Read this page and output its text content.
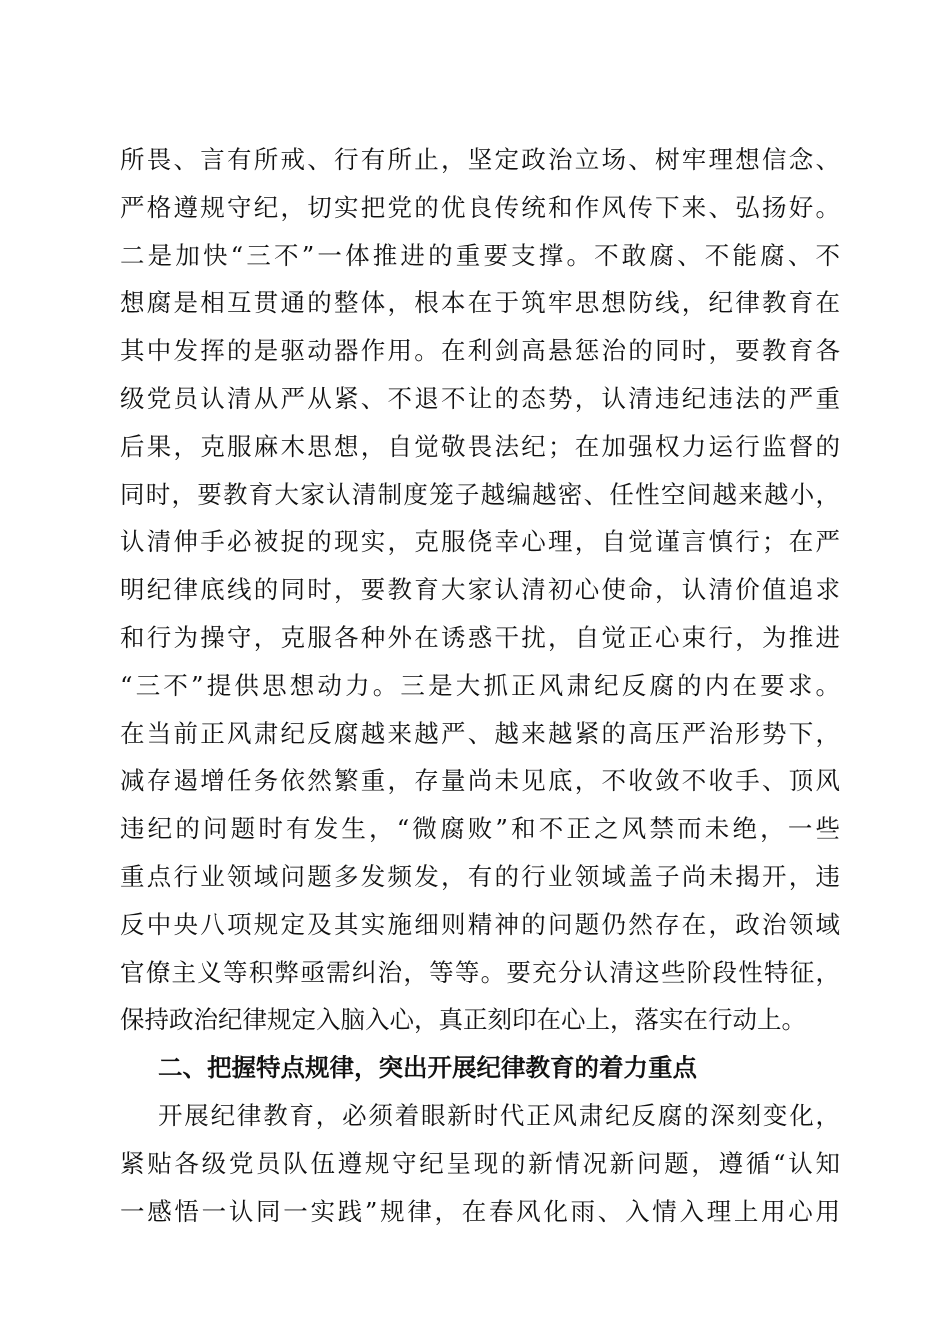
所畏、言有所戒、行有所止，坚定政治立场、树牢理想信念、
严格遵规守纪，切实把党的优良传统和作风传下来、弘扬好。
二是加快“三不”一体推进的重要支撑。不敢腐、不能腐、不
想腐是相互贯通的整体，根本在于筑牢思想防线，纪律教育在
其中发挥的是驱动器作用。在利剑高悬惩治的同时，要教育各
级党员认清从严从紧、不退不让的态势，认清违纪违法的严重
后果，克服麻木思想，自觉敬畏法纪；在加强权力运行监督的
同时，要教育大家认清制度笼子越编越密、任性空间越来越小，
认清伸手必被捉的现实，克服侥幸心理，自觉谨言慎行；在严
明纪律底线的同时，要教育大家认清初心使命，认清价值追求
和行为操守，克服各种外在诱惑干扰，自觉正心束行，为推进
“三不”提供思想动力。三是大抓正风肃纪反腐的内在要求。
在当前正风肃纪反腐越来越严、越来越紧的高压严治形势下，
减存遏增任务依然繁重，存量尚未见底，不收敛不收手、顶风
违纪的问题时有发生，“微腐败”和不正之风禁而未绝，一些
重点行业领域问题多发频发，有的行业领域盖子尚未揭开，违
反中央八项规定及其实施细则精神的问题仍然存在，政治领域
官僚主义等积弊亟需纠治，等等。要充分认清这些阶段性特征，
保持政治纪律规定入脑入心，真正刻印在心上，落实在行动上。
二、把握特点规律，突出开展纪律教育的着力重点
开展纪律教育，必须着眼新时代正风肃纪反腐的深刻变化，
紧贴各级党员队伍遵规守纪呈现的新情况新问题，遵循“认知
一感悟一认同一实践”规律，在春风化雨、入情入理上用心用
